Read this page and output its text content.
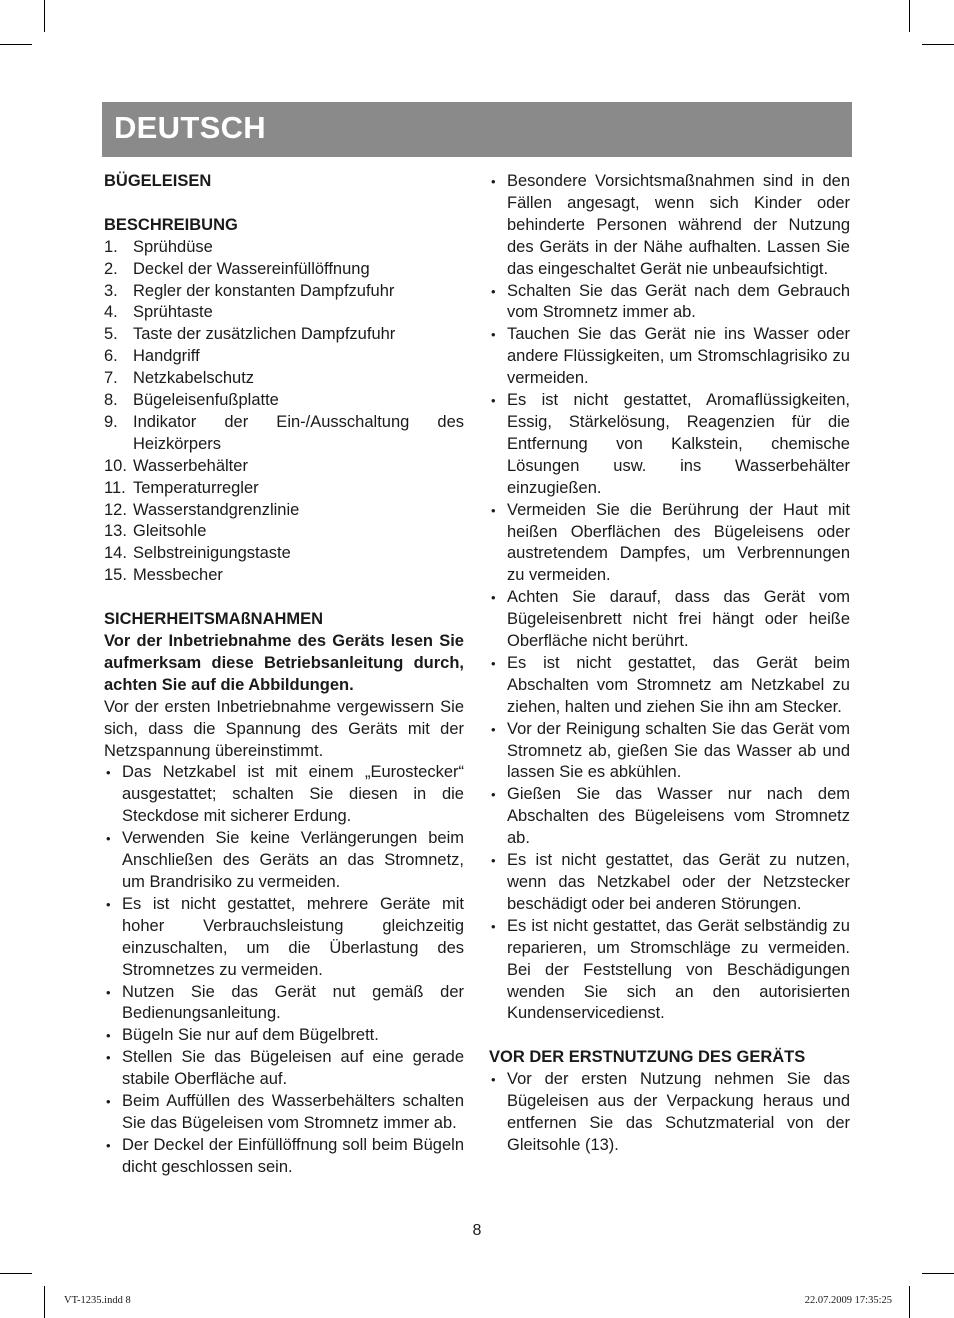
DEUTSCH

BÜGELEISEN

BESCHREIBUNG

1. Sprühdüse
2. Deckel der Wassereinfüllöffnung
3. Regler der konstanten Dampfzufuhr
4. Sprühtaste
5. Taste der zusätzlichen Dampfzufuhr
6. Handgriff
7. Netzkabelschutz
8. Bügeleisenfußplatte
9. Indikator der Ein-/Ausschaltung des Heizkörpers
10. Wasserbehälter
11. Temperaturregler
12. Wasserstandgrenzlinie
13. Gleitsohle
14. Selbstreinigungstaste
15. Messbecher

SICHERHEITSMAßNAHMEN

Vor der Inbetriebnahme des Geräts lesen Sie aufmerksam diese Betriebsanleitung durch, achten Sie auf die Abbildungen.

Vor der ersten Inbetriebnahme vergewissern Sie sich, dass die Spannung des Geräts mit der Netzspannung übereinstimmt.

• Das Netzkabel ist mit einem „Eurostecker“ ausgestattet; schalten Sie diesen in die Steckdose mit sicherer Erdung.
• Verwenden Sie keine Verlängerungen beim Anschließen des Geräts an das Stromnetz, um Brandrisiko zu vermeiden.
• Es ist nicht gestattet, mehrere Geräte mit hoher Verbrauchsleistung gleichzeitig einzuschalten, um die Überlastung des Stromnetzes zu vermeiden.
• Nutzen Sie das Gerät nut gemäß der Bedienungsanleitung.
• Bügeln Sie nur auf dem Bügelbrett.
• Stellen Sie das Bügeleisen auf eine gerade stabile Oberfläche auf.
• Beim Auffüllen des Wasserbehälters schalten Sie das Bügeleisen vom Stromnetz immer ab.
• Der Deckel der Einfüllöffnung soll beim Bügeln dicht geschlossen sein.
• Besondere Vorsichtsmaßnahmen sind in den Fällen angesagt, wenn sich Kinder oder behinderte Personen während der Nutzung des Geräts in der Nähe aufhalten. Lassen Sie das eingeschaltet Gerät nie unbeaufsichtigt.
• Schalten Sie das Gerät nach dem Gebrauch vom Stromnetz immer ab.
• Tauchen Sie das Gerät nie ins Wasser oder andere Flüssigkeiten, um Stromschlagrisiko zu vermeiden.
• Es ist nicht gestattet, Aromaflüssigkeiten, Essig, Stärkelösung, Reagenzien für die Entfernung von Kalkstein, chemische Lösungen usw. ins Wasserbehälter einzugießen.
• Vermeiden Sie die Berührung der Haut mit heißen Oberflächen des Bügeleisens oder austretendem Dampfes, um Verbrennungen zu vermeiden.
• Achten Sie darauf, dass das Gerät vom Bügeleisenbrett nicht frei hängt oder heiße Oberfläche nicht berührt.
• Es ist nicht gestattet, das Gerät beim Abschalten vom Stromnetz am Netzkabel zu ziehen, halten und ziehen Sie ihn am Stecker.
• Vor der Reinigung schalten Sie das Gerät vom Stromnetz ab, gießen Sie das Wasser ab und lassen Sie es abkühlen.
• Gießen Sie das Wasser nur nach dem Abschalten des Bügeleisens vom Stromnetz ab.
• Es ist nicht gestattet, das Gerät zu nutzen, wenn das Netzkabel oder der Netzstecker beschädigt oder bei anderen Störungen.
• Es ist nicht gestattet, das Gerät selbständig zu reparieren, um Stromschläge zu vermeiden. Bei der Feststellung von Beschädigungen wenden Sie sich an den autorisierten Kundenservicedienst.

VOR DER ERSTNUTZUNG DES GERÄTS

• Vor der ersten Nutzung nehmen Sie das Bügeleisen aus der Verpackung heraus und entfernen Sie das Schutzmaterial von der Gleitsohle (13).
8
VT-1235.indd 8	22.07.2009 17:35:25
